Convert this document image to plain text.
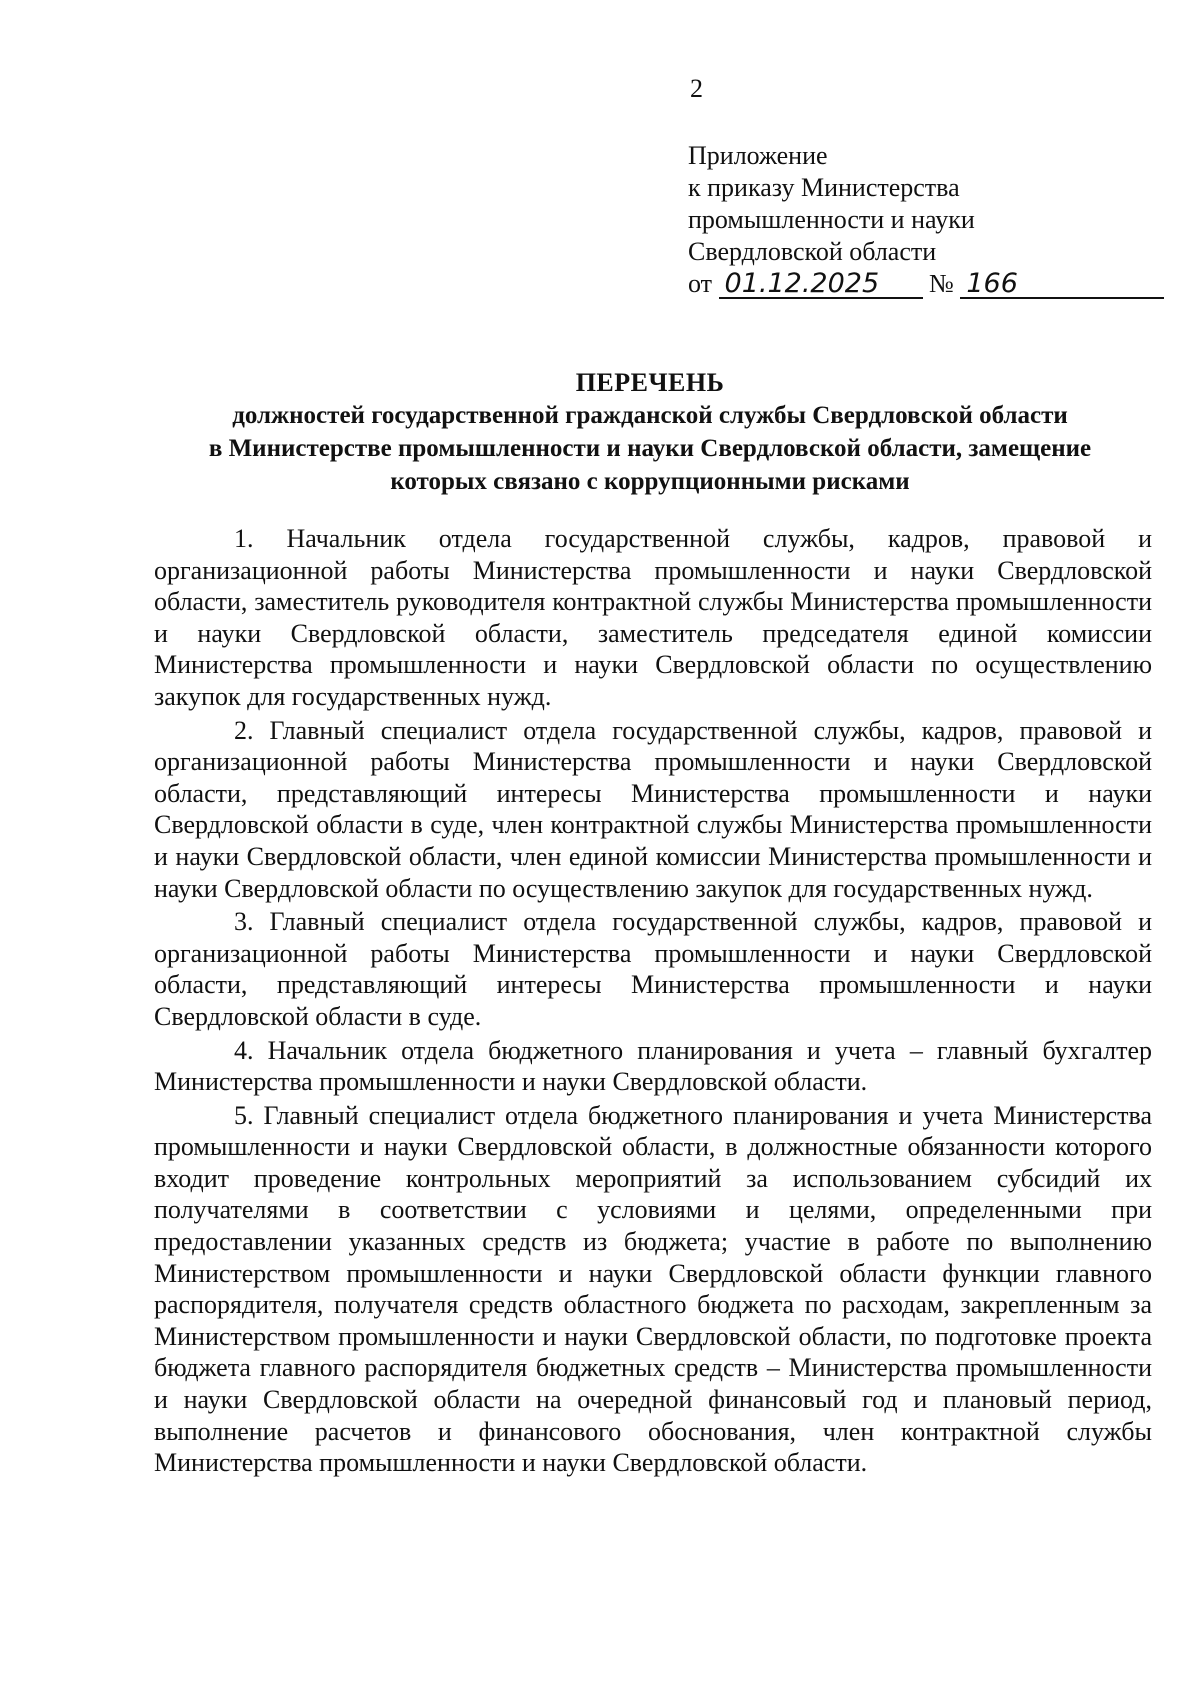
2
Приложение
к приказу Министерства
промышленности и науки
Свердловской области
от 01.12.2025 № 166
ПЕРЕЧЕНЬ
должностей государственной гражданской службы Свердловской области
в Министерстве промышленности и науки Свердловской области, замещение
которых связано с коррупционными рисками

1. Начальник отдела государственной службы, кадров, правовой и организационной работы Министерства промышленности и науки Свердловской области, заместитель руководителя контрактной службы Министерства промышленности и науки Свердловской области, заместитель председателя единой комиссии Министерства промышленности и науки Свердловской области по осуществлению закупок для государственных нужд.

2. Главный специалист отдела государственной службы, кадров, правовой и организационной работы Министерства промышленности и науки Свердловской области, представляющий интересы Министерства промышленности и науки Свердловской области в суде, член контрактной службы Министерства промышленности и науки Свердловской области, член единой комиссии Министерства промышленности и науки Свердловской области по осуществлению закупок для государственных нужд.

3. Главный специалист отдела государственной службы, кадров, правовой и организационной работы Министерства промышленности и науки Свердловской области, представляющий интересы Министерства промышленности и науки Свердловской области в суде.

4. Начальник отдела бюджетного планирования и учета – главный бухгалтер Министерства промышленности и науки Свердловской области.

5. Главный специалист отдела бюджетного планирования и учета Министерства промышленности и науки Свердловской области, в должностные обязанности которого входит проведение контрольных мероприятий за использованием субсидий их получателями в соответствии с условиями и целями, определенными при предоставлении указанных средств из бюджета; участие в работе по выполнению Министерством промышленности и науки Свердловской области функции главного распорядителя, получателя средств областного бюджета по расходам, закрепленным за Министерством промышленности и науки Свердловской области, по подготовке проекта бюджета главного распорядителя бюджетных средств – Министерства промышленности и науки Свердловской области на очередной финансовый год и плановый период, выполнение расчетов и финансового обоснования, член контрактной службы Министерства промышленности и науки Свердловской области.
